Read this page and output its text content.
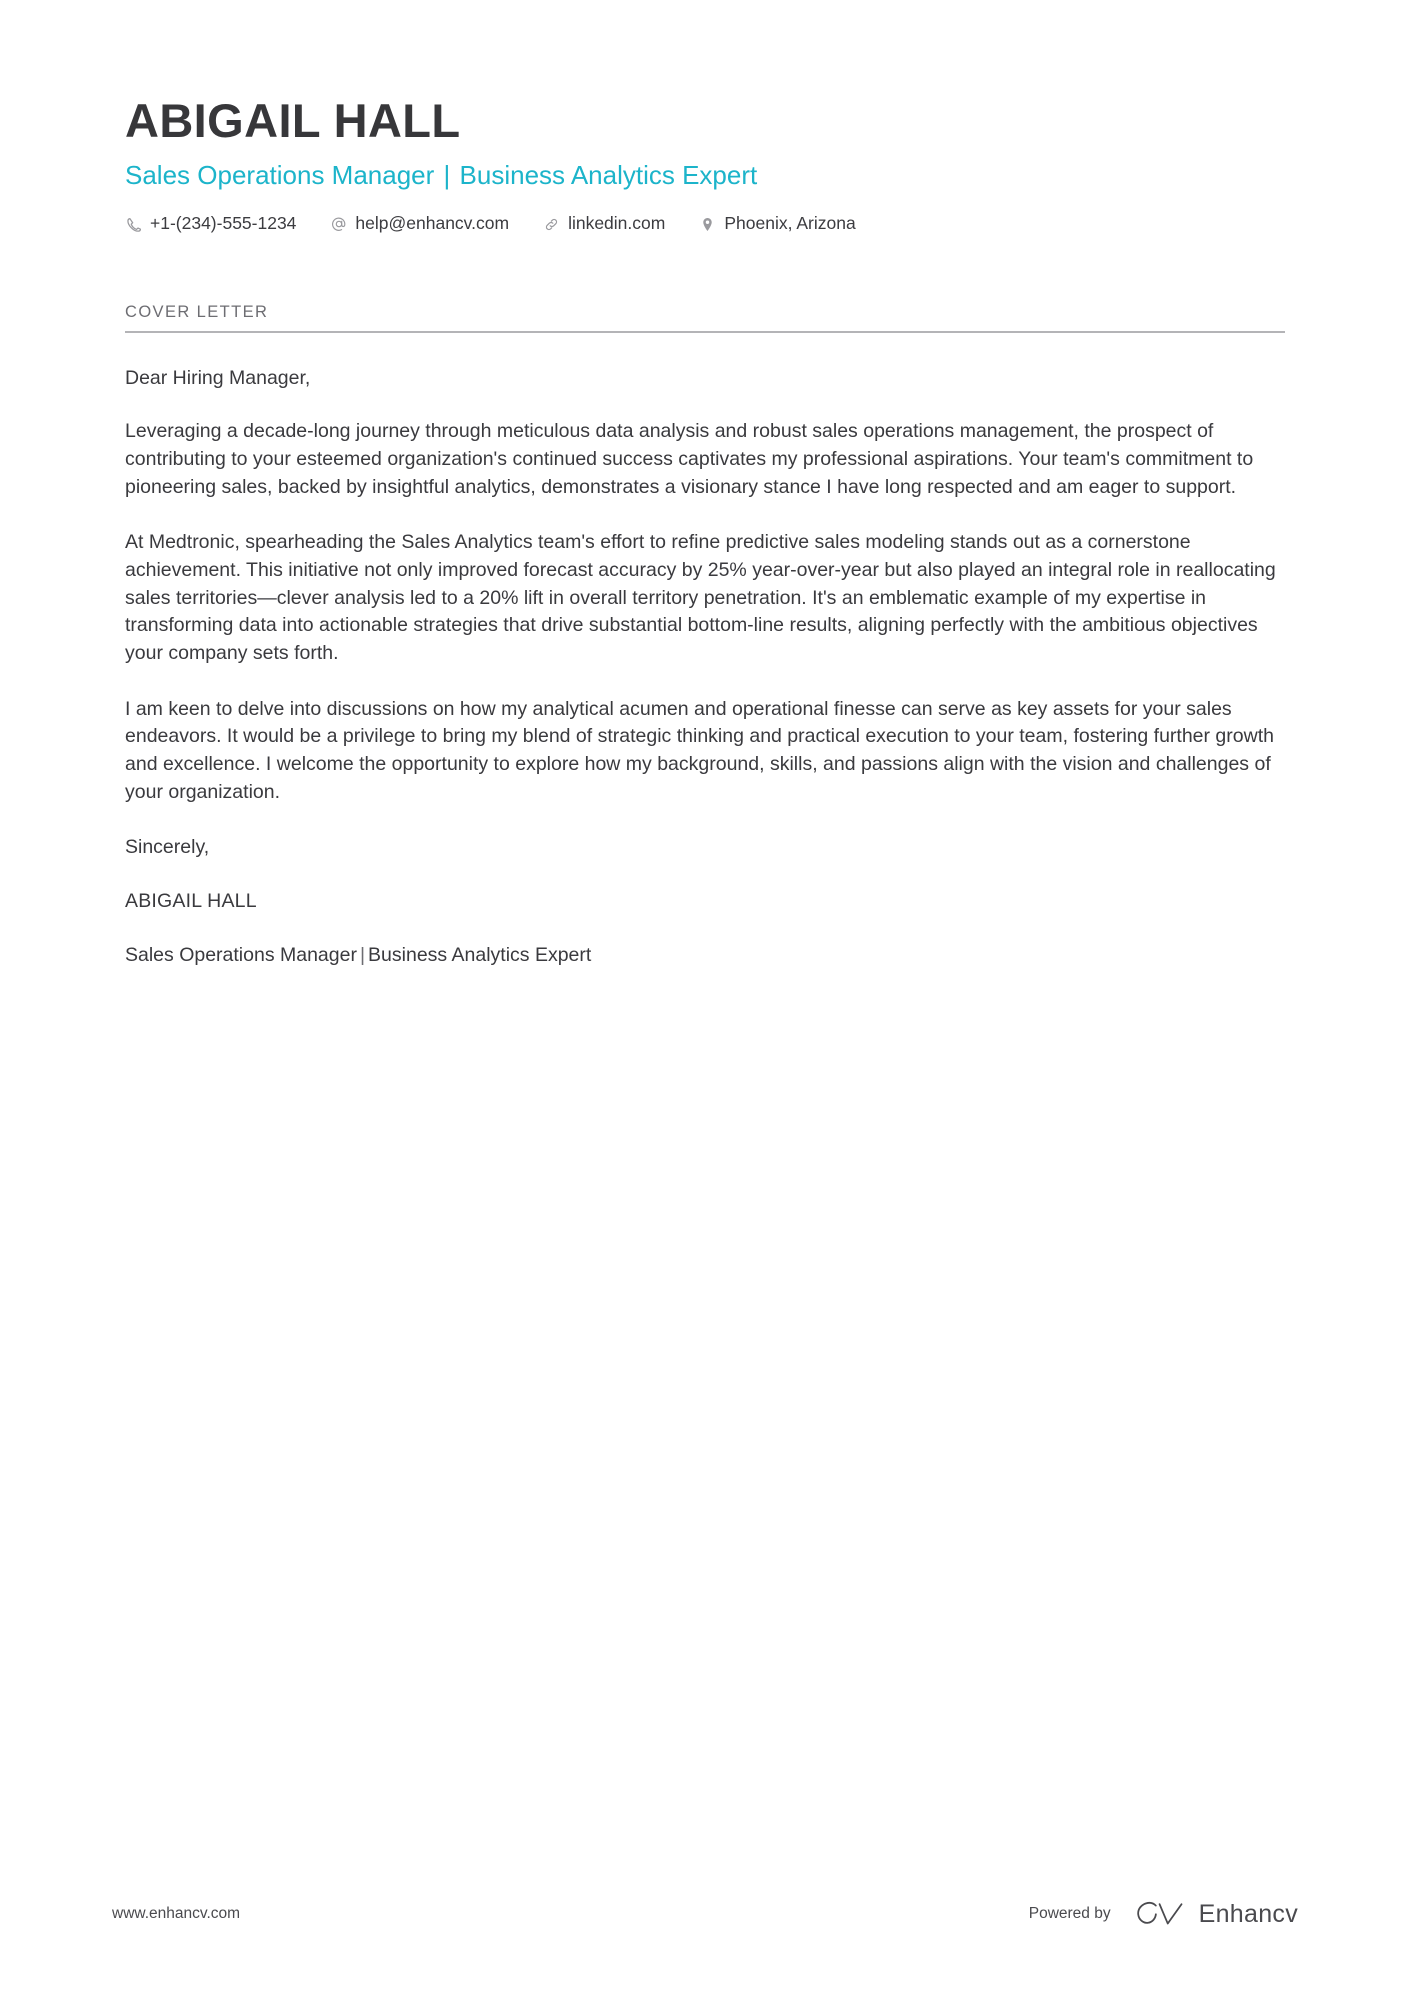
ABIGAIL HALL
Sales Operations Manager | Business Analytics Expert
+1-(234)-555-1234	help@enhancv.com	linkedin.com	Phoenix, Arizona
COVER LETTER

Dear Hiring Manager,

Leveraging a decade-long journey through meticulous data analysis and robust sales operations management, the prospect of contributing to your esteemed organization's continued success captivates my professional aspirations. Your team's commitment to pioneering sales, backed by insightful analytics, demonstrates a visionary stance I have long respected and am eager to support.

At Medtronic, spearheading the Sales Analytics team's effort to refine predictive sales modeling stands out as a cornerstone achievement. This initiative not only improved forecast accuracy by 25% year-over-year but also played an integral role in reallocating sales territories—clever analysis led to a 20% lift in overall territory penetration. It's an emblematic example of my expertise in transforming data into actionable strategies that drive substantial bottom-line results, aligning perfectly with the ambitious objectives your company sets forth.

I am keen to delve into discussions on how my analytical acumen and operational finesse can serve as key assets for your sales endeavors. It would be a privilege to bring my blend of strategic thinking and practical execution to your team, fostering further growth and excellence. I welcome the opportunity to explore how my background, skills, and passions align with the vision and challenges of your organization.

Sincerely,

ABIGAIL HALL

Sales Operations Manager | Business Analytics Expert

www.enhancv.com	Powered by	Enhancv
